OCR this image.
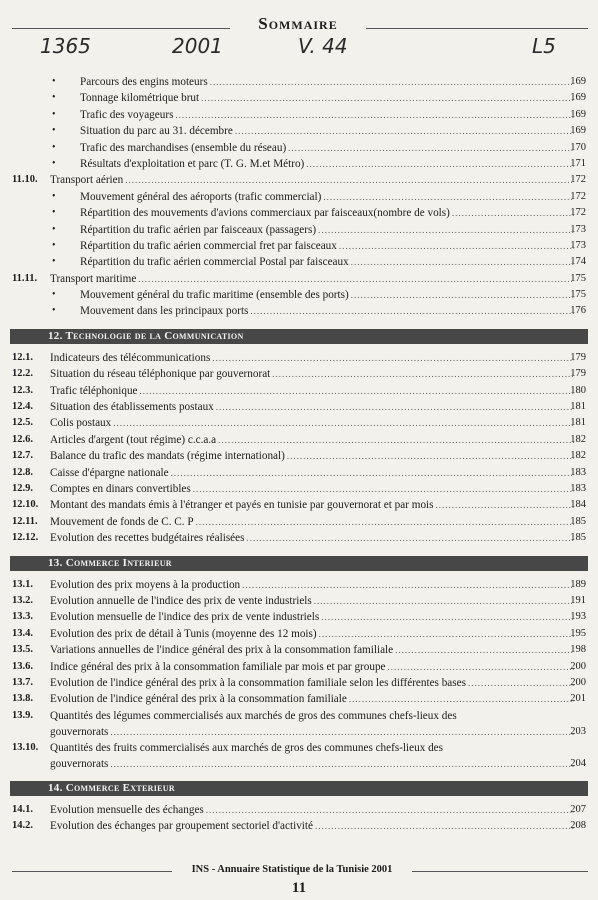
Sommaire
1365	2001	V. 44	L5
•	Parcours des engins moteurs .....	169
•	Tonnage kilométrique brut .....	169
•	Trafic des voyageurs .....	169
•	Situation du parc au 31. décembre .....	169
•	Trafic des marchandises (ensemble du réseau) .....	170
•	Résultats d'exploitation et parc (T. G. M.et Métro) .....	171
11.10.	Transport aérien .....	172
•	Mouvement général des aéroports (trafic commercial) .....	172
•	Répartition des mouvements d'avions commerciaux par faisceaux(nombre de vols) .....	172
•	Répartition du trafic aérien par faisceaux (passagers) .....	173
•	Répartition du trafic aérien commercial fret par faisceaux .....	173
•	Répartition du trafic aérien commercial Postal par faisceaux .....	174
11.11.	Transport maritime .....	175
•	Mouvement général du trafic maritime (ensemble des ports) .....	175
•	Mouvement dans les principaux ports .....	176
12. Technologie de la Communication
12.1.	Indicateurs des télécommunications .....	179
12.2.	Situation du réseau téléphonique par gouvernorat .....	179
12.3.	Trafic téléphonique .....	180
12.4.	Situation des établissements postaux .....	181
12.5.	Colis postaux .....	181
12.6.	Articles d'argent (tout régime) c.c.a.a .....	182
12.7.	Balance du trafic des mandats (régime international) .....	182
12.8.	Caisse d'épargne nationale .....	183
12.9.	Comptes en dinars convertibles .....	183
12.10.	Montant des mandats émis à l'étranger et payés en tunisie par gouvernorat et par mois .....	184
12.11.	Mouvement de fonds de C. C. P .....	185
12.12.	Evolution des recettes budgétaires réalisées .....	185
13. Commerce Interieur
13.1.	Evolution des prix moyens à la production .....	189
13.2.	Evolution annuelle de l'indice des prix de vente industriels .....	191
13.3.	Evolution mensuelle de l'indice des prix de vente industriels .....	193
13.4.	Evolution des prix de détail à Tunis (moyenne des 12 mois) .....	195
13.5.	Variations annuelles de l'indice général des prix à la consommation familiale .....	198
13.6.	Indice général des prix à la consommation familiale par mois et par groupe .....	200
13.7.	Evolution de l'indice général des prix à la consommation familiale selon les différentes bases .....	200
13.8.	Evolution de l'indice général des prix à la consommation familiale .....	201
13.9.	Quantités des légumes commercialisés aux marchés de gros des communes chefs-lieux des
gouvernorats .....	203
13.10.	Quantités des fruits commercialisés aux marchés de gros des communes chefs-lieux des
gouvernorats .....	204
14. Commerce Exterieur
14.1.	Evolution mensuelle des échanges .....	207
14.2.	Evolution des échanges par groupement sectoriel d'activité .....	208
INS - Annuaire Statistique de la Tunisie 2001
11
